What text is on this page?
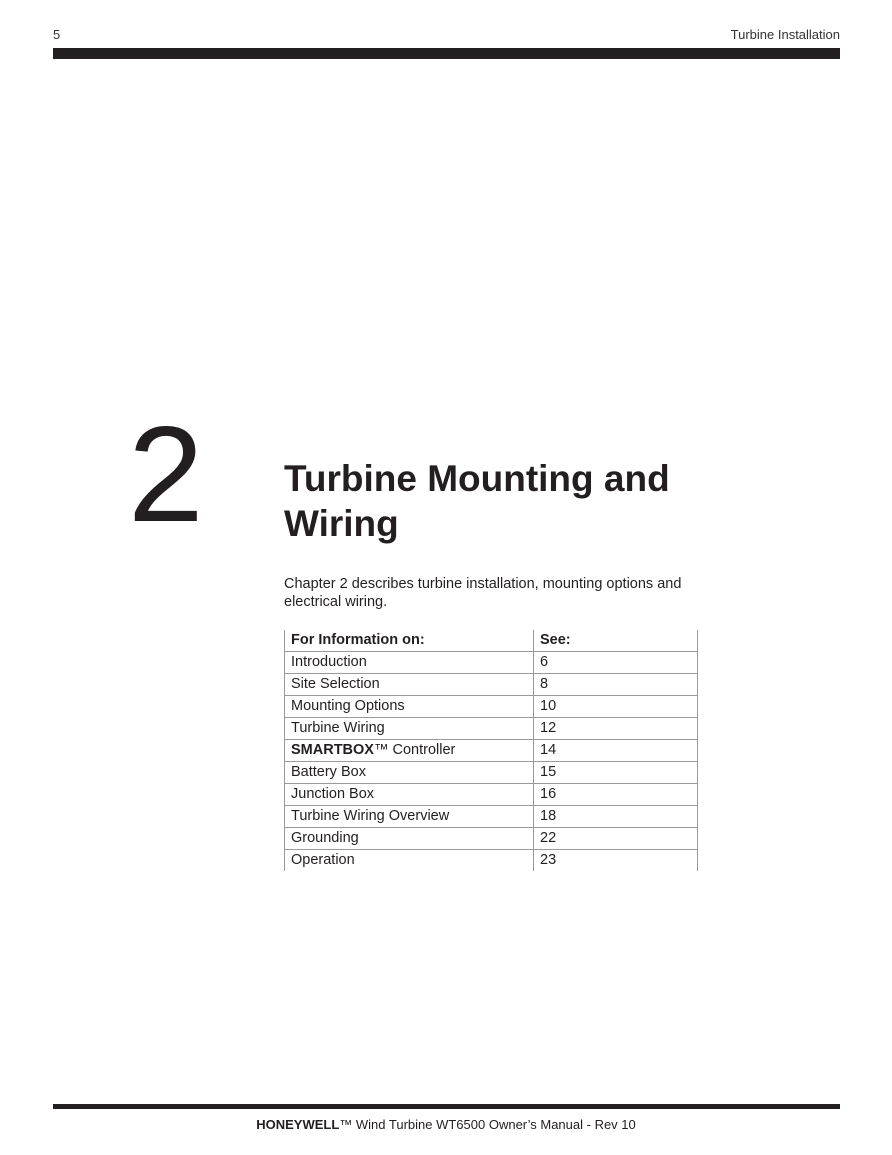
5	Turbine Installation
2 Turbine Mounting and Wiring

Chapter 2 describes turbine installation, mounting options and electrical wiring.

For Information on:	See:
Introduction	6
Site Selection	8
Mounting Options	10
Turbine Wiring	12
SMARTBOX™ Controller	14
Battery Box	15
Junction Box	16
Turbine Wiring Overview	18
Grounding	22
Operation	23
HONEYWELL™ Wind Turbine WT6500 Owner’s Manual - Rev 10
